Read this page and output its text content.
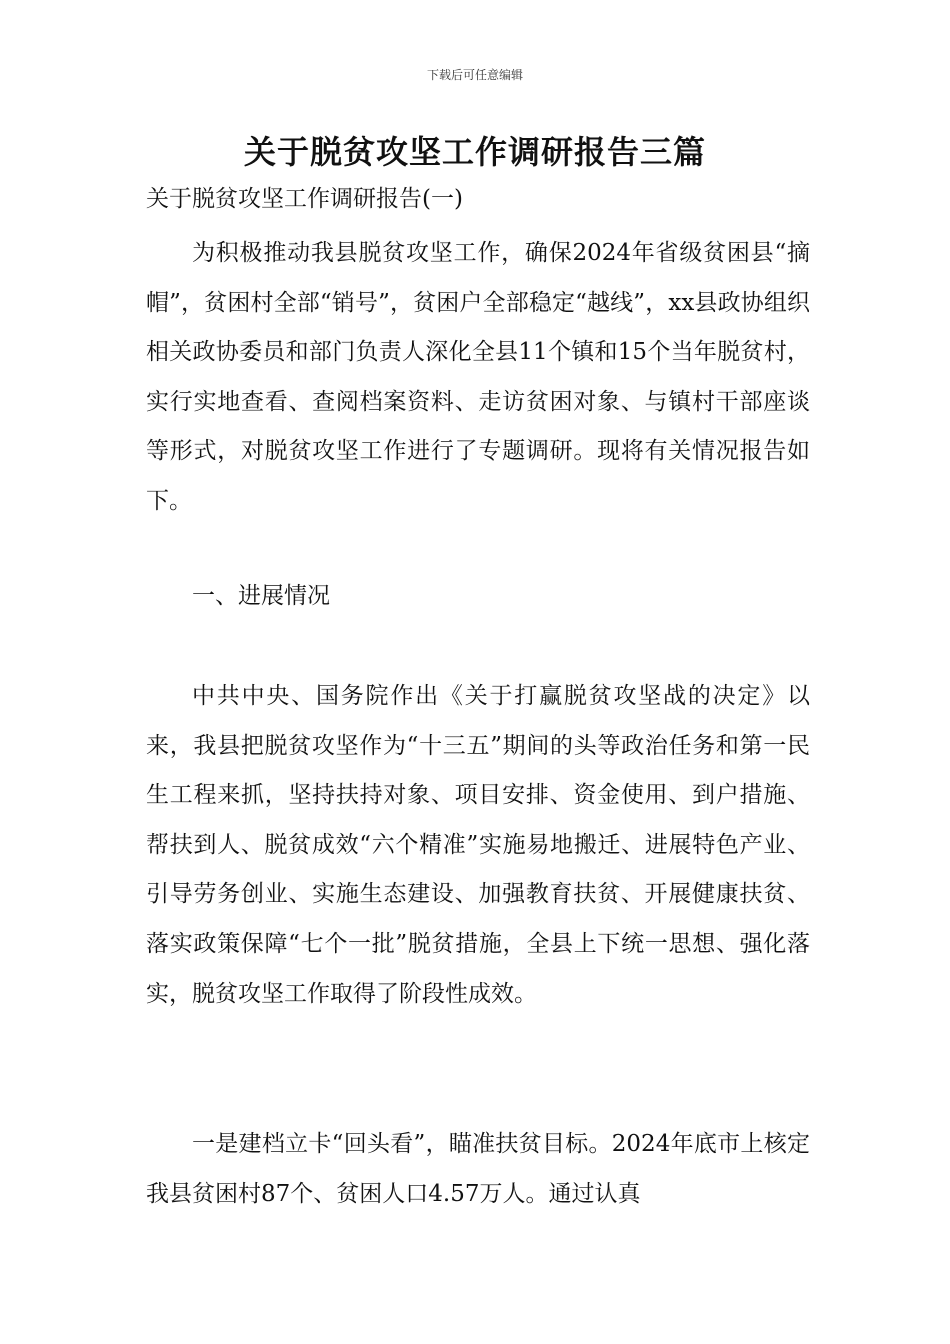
下载后可任意编辑
关于脱贫攻坚工作调研报告三篇

关于脱贫攻坚工作调研报告(一)

为积极推动我县脱贫攻坚工作，确保2024年省级贫困县“摘帽”，贫困村全部“销号”，贫困户全部稳定“越线”，xx县政协组织相关政协委员和部门负责人深化全县11个镇和15个当年脱贫村，实行实地查看、查阅档案资料、走访贫困对象、与镇村干部座谈等形式，对脱贫攻坚工作进行了专题调研。现将有关情况报告如下。

一、进展情况

中共中央、国务院作出《关于打赢脱贫攻坚战的决定》以来，我县把脱贫攻坚作为“十三五”期间的头等政治任务和第一民生工程来抓，坚持扶持对象、项目安排、资金使用、到户措施、帮扶到人、脱贫成效“六个精准”实施易地搬迁、进展特色产业、引导劳务创业、实施生态建设、加强教育扶贫、开展健康扶贫、落实政策保障“七个一批”脱贫措施，全县上下统一思想、强化落实，脱贫攻坚工作取得了阶段性成效。

一是建档立卡“回头看”，瞄准扶贫目标。2024年底市上核定我县贫困村87个、贫困人口4.57万人。通过认真
